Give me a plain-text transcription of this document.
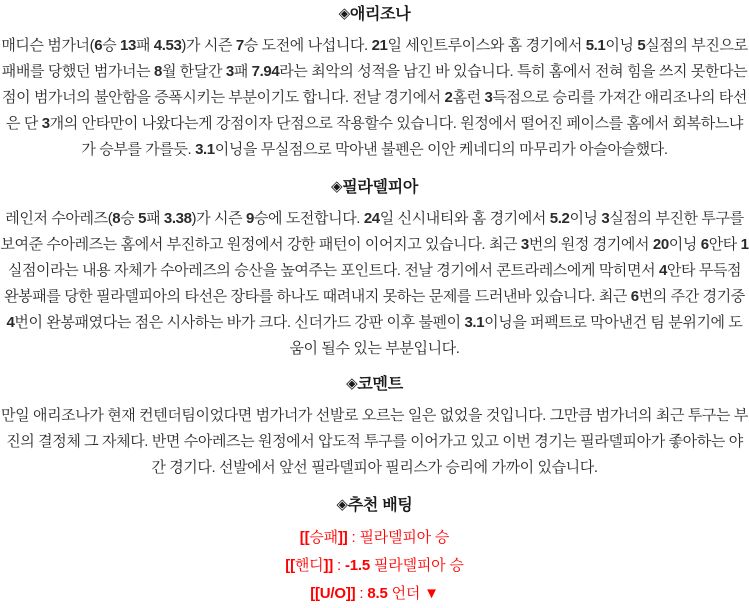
◈애리조나
매디슨 범가너(6승 13패 4.53)가 시즌 7승 도전에 나섭니다. 21일 세인트루이스와 홈 경기에서 5.1이닝 5실점의 부진으로
패배를 당했던 범가너는 8월 한달간 3패 7.94라는 최악의 성적을 남긴 바 있습니다. 특히 홈에서 전혀 힘을 쓰지 못한다는
점이 범가너의 불안함을 증폭시키는 부분이기도 합니다. 전날 경기에서 2홈런 3득점으로 승리를 가져간 애리조나의 타선
은 단 3개의 안타만이 나왔다는게 강점이자 단점으로 작용할수 있습니다. 원정에서 떨어진 페이스를 홈에서 회복하느냐
가 승부를 가를듯. 3.1이닝을 무실점으로 막아낸 불펜은 이안 케네디의 마무리가 아슬아슬했다.
◈필라델피아
레인저 수아레즈(8승 5패 3.38)가 시즌 9승에 도전합니다. 24일 신시내티와 홈 경기에서 5.2이닝 3실점의 부진한 투구를
보여준 수아레즈는 홈에서 부진하고 원정에서 강한 패턴이 이어지고 있습니다. 최근 3번의 원정 경기에서 20이닝 6안타 1
실점이라는 내용 자체가 수아레즈의 승산을 높여주는 포인트다. 전날 경기에서 콘트라레스에게 막히면서 4안타 무득점
완봉패를 당한 필라델피아의 타선은 장타를 하나도 때려내지 못하는 문제를 드러낸바 있습니다. 최근 6번의 주간 경기중
4번이 완봉패였다는 점은 시사하는 바가 크다. 신더가드 강판 이후 불펜이 3.1이닝을 퍼펙트로 막아낸건 팀 분위기에 도
움이 될수 있는 부분입니다.
◈코멘트
만일 애리조나가 현재 컨텐더팀이었다면 범가너가 선발로 오르는 일은 없었을 것입니다. 그만큼 범가너의 최근 투구는 부
진의 결정체 그 자체다. 반면 수아레즈는 원정에서 압도적 투구를 이어가고 있고 이번 경기는 필라델피아가 좋아하는 야
간 경기다. 선발에서 앞선 필라델피아 필리스가 승리에 가까이 있습니다.
◈추천 배팅
[[승패]] : 필라델피아 승
[[핸디]] : -1.5 필라델피아 승
[[U/O]] : 8.5 언더 ▼
